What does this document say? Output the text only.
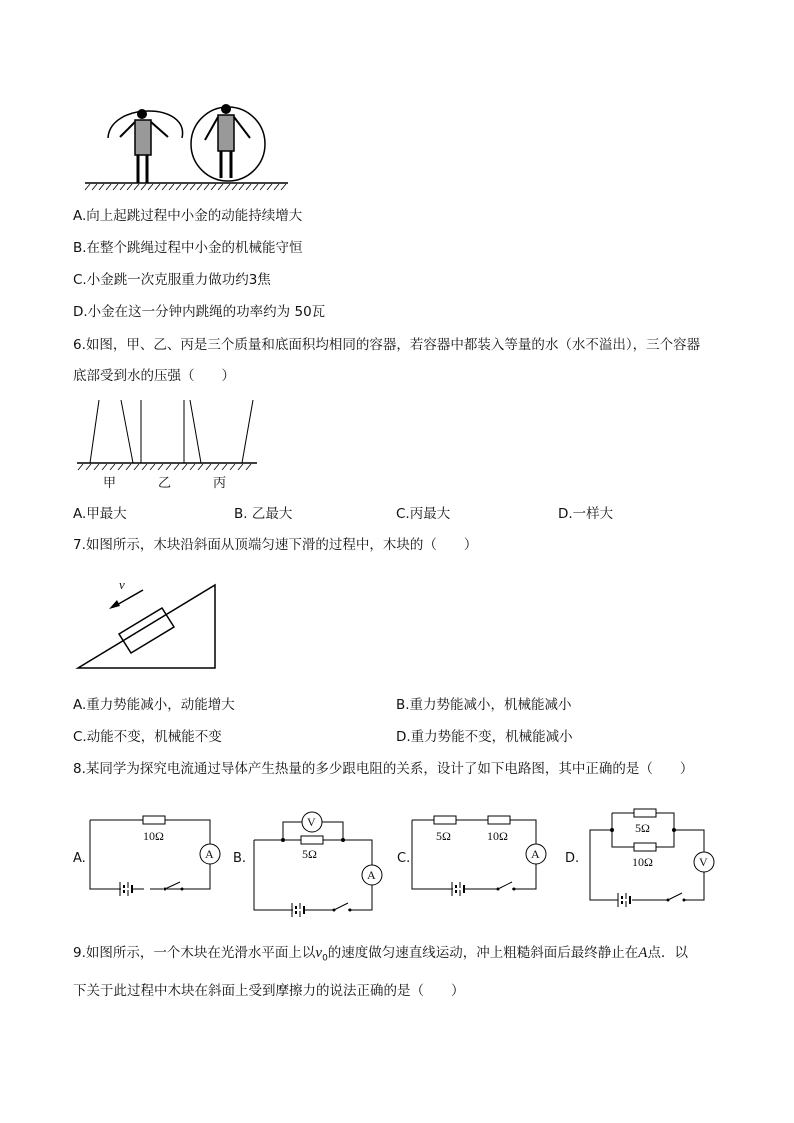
A.向上起跳过程中小金的动能持续增大
B.在整个跳绳过程中小金的机械能守恒
C.小金跳一次克服重力做功约3焦
D.小金在这一分钟内跳绳的功率约为 50瓦
6.如图，甲、乙、丙是三个质量和底面积均相同的容器，若容器中都装入等量的水（水不溢出），三个容器
底部受到水的压强（　　）
甲	乙	丙
A.甲最大	B. 乙最大	C.丙最大	D.一样大
7.如图所示，木块沿斜面从顶端匀速下滑的过程中，木块的（　　）
v
A.重力势能减小，动能增大	B.重力势能减小，机械能减小
C.动能不变，机械能不变	D.重力势能不变，机械能减小
8.某同学为探究电流通过导体产生热量的多少跟电阻的关系，设计了如下电路图，其中正确的是（　　）
A.
10Ω
A B.
V
5Ω
A
C.
5Ω	10Ω
A D.
5Ω
10Ω	V
9.如图所示，一个木块在光滑水平面上以$v_0$的速度做匀速直线运动，冲上粗糙斜面后最终静止在A点．以
下关于此过程中木块在斜面上受到摩擦力的说法正确的是（　　）
